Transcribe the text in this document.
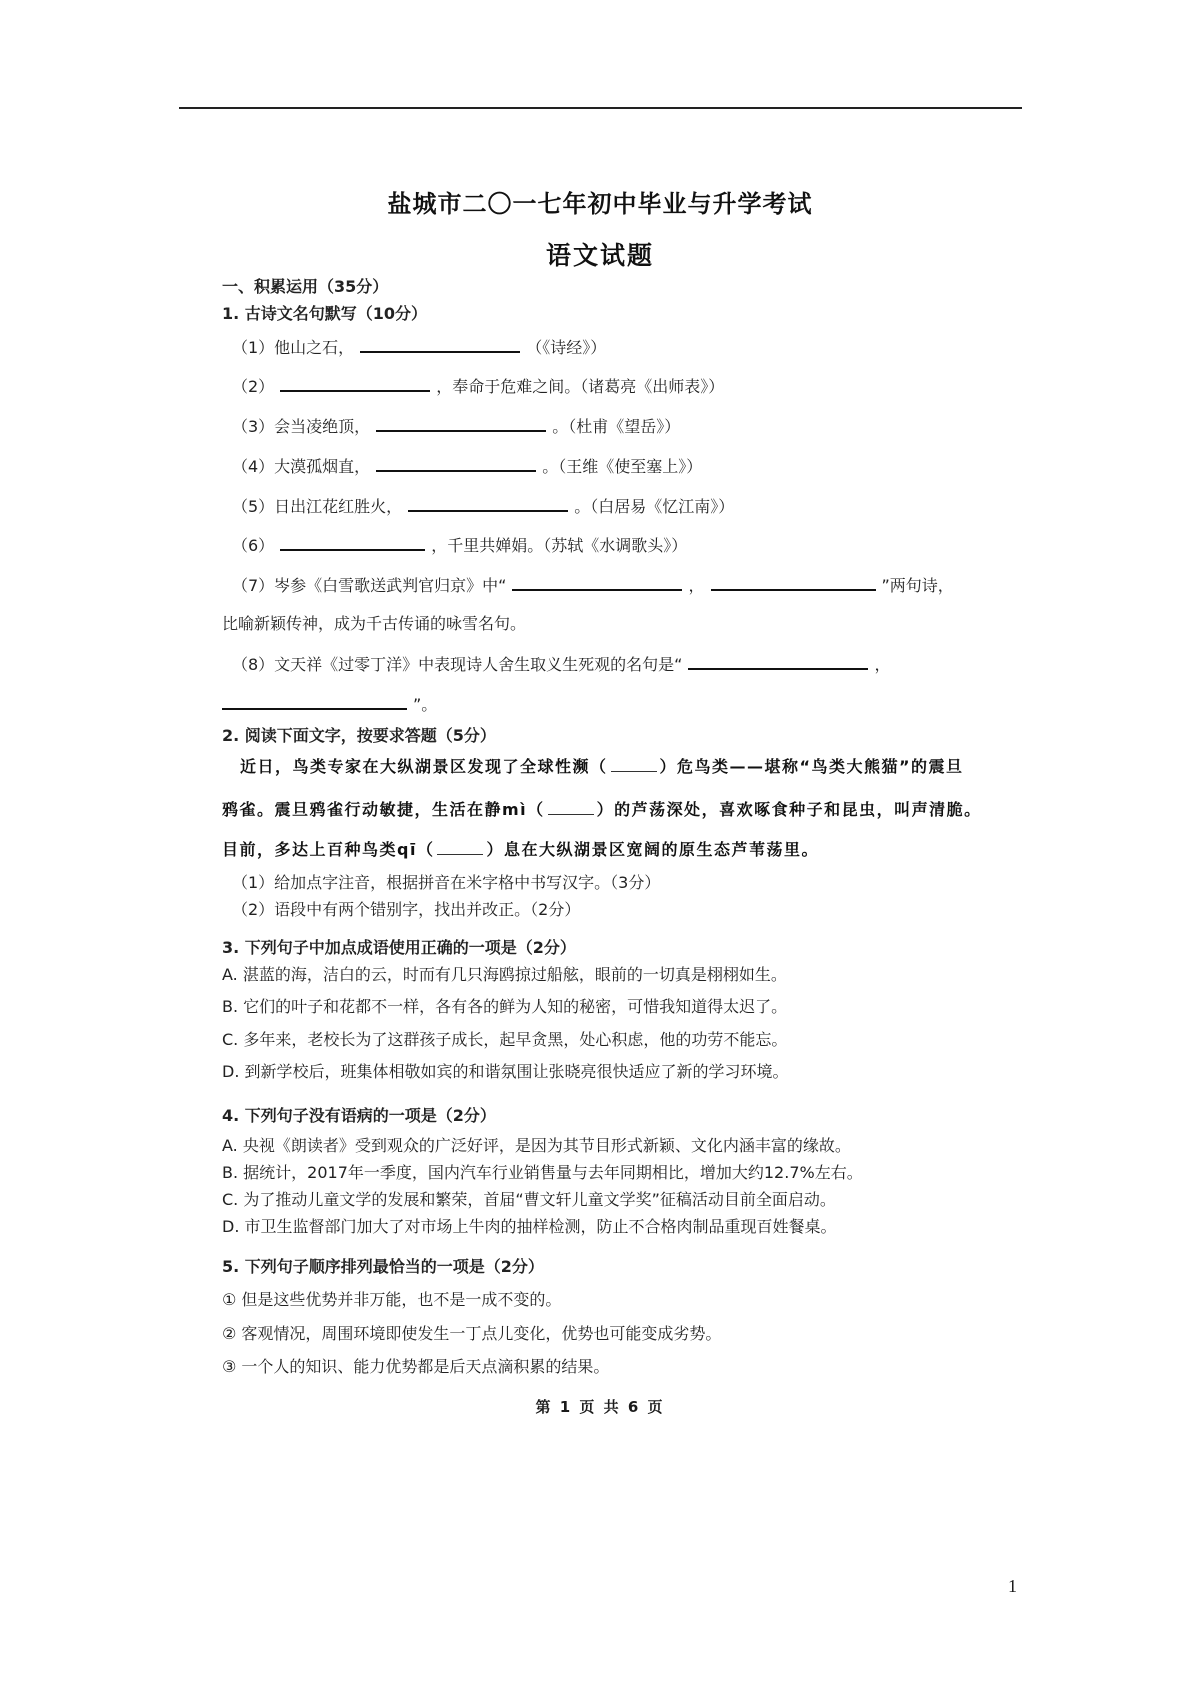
盐城市二〇一七年初中毕业与升学考试
语文试题
一、积累运用（35分）
1. 古诗文名句默写（10分）
（1）他山之石，	（《诗经》）
（2）	，奉命于危难之间。（诸葛亮《出师表》）
（3）会当凌绝顶，	。（杜甫《望岳》）
（4）大漠孤烟直，	。（王维《使至塞上》）
（5）日出江花红胜火，	。（白居易《忆江南》）
（6）	，千里共婵娟。（苏轼《水调歌头》）
（7）岑参《白雪歌送武判官归京》中“	，	”两句诗，
比喻新颖传神，成为千古传诵的咏雪名句。
（8）文天祥《过零丁洋》中表现诗人舍生取义生死观的名句是“	，
”。
2. 阅读下面文字，按要求答题（5分）
近日，鸟类专家在大纵湖景区发现了全球性濒（	）危鸟类——堪称“鸟类大熊猫”的震旦
鸦雀。震旦鸦雀行动敏捷，生活在静mì（	）的芦荡深处，喜欢啄食种子和昆虫，叫声清脆。
目前，多达上百种鸟类qī（	）息在大纵湖景区宽阔的原生态芦苇荡里。
（1）给加点字注音，根据拼音在米字格中书写汉字。（3分）
（2）语段中有两个错别字，找出并改正。（2分）
3. 下列句子中加点成语使用正确的一项是（2分）
A. 湛蓝的海，洁白的云，时而有几只海鸥掠过船舷，眼前的一切真是栩栩如生。
B. 它们的叶子和花都不一样，各有各的鲜为人知的秘密，可惜我知道得太迟了。
C. 多年来，老校长为了这群孩子成长，起早贪黑，处心积虑，他的功劳不能忘。
D. 到新学校后，班集体相敬如宾的和谐氛围让张晓亮很快适应了新的学习环境。
4. 下列句子没有语病的一项是（2分）
A. 央视《朗读者》受到观众的广泛好评，是因为其节目形式新颖、文化内涵丰富的缘故。
B. 据统计，2017年一季度，国内汽车行业销售量与去年同期相比，增加大约12.7%左右。
C. 为了推动儿童文学的发展和繁荣，首届“曹文轩儿童文学奖”征稿活动目前全面启动。
D. 市卫生监督部门加大了对市场上牛肉的抽样检测，防止不合格肉制品重现百姓餐桌。
5. 下列句子顺序排列最恰当的一项是（2分）
① 但是这些优势并非万能，也不是一成不变的。
② 客观情况，周围环境即使发生一丁点儿变化，优势也可能变成劣势。
③ 一个人的知识、能力优势都是后天点滴积累的结果。
第 1 页 共 6 页
1
